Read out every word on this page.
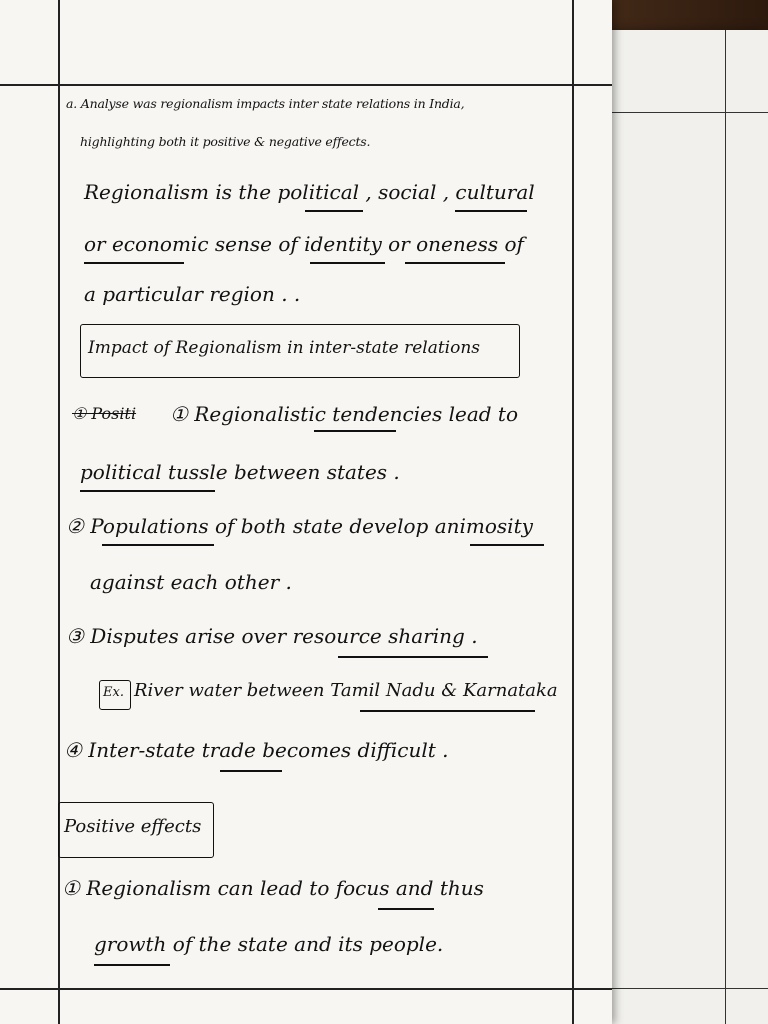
a. Analyse was regionalism impacts inter state relations in India,
highlighting both it positive & negative effects.
Regionalism is the political , social , cultural
or economic sense of identity or oneness of
a particular region . .
Impact of Regionalism in inter-state relations
① Positi ① Regionalistic tendencies lead to
political tussle between states .
② Populations of both state develop animosity
against each other .
③ Disputes arise over resource sharing .
Ex. River water between Tamil Nadu & Karnataka
④ Inter-state trade becomes difficult .
Positive effects
① Regionalism can lead to focus and thus
growth of the state and its people.
